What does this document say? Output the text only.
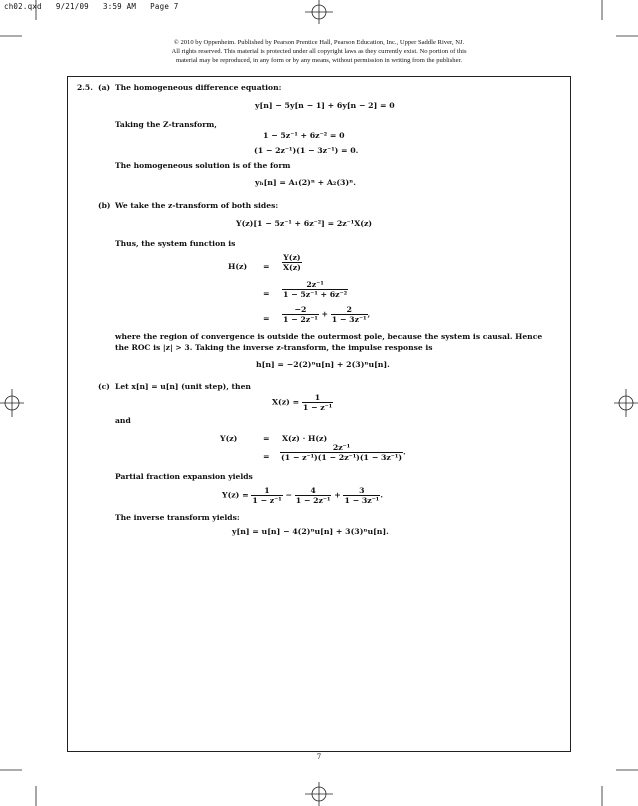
ch02.qxd   9/21/09   3:59 AM   Page 7
© 2010 by Oppenheim. Published by Pearson Prentice Hall, Pearson Education, Inc., Upper Saddle River, NJ.
All rights reserved. This material is protected under all copyright laws as they currently exist. No portion of this
material may be reproduced, in any form or by any means, without permission in writing from the publisher.
2.5. (a) The homogeneous difference equation:
y[n] − 5y[n − 1] + 6y[n − 2] = 0
Taking the Z-transform,
1 − 5z⁻¹ + 6z⁻² = 0
(1 − 2z⁻¹)(1 − 3z⁻¹) = 0.
The homogeneous solution is of the form
yₕ[n] = A₁(2)ⁿ + A₂(3)ⁿ.
(b) We take the z-transform of both sides:
Y(z)[1 − 5z⁻¹ + 6z⁻²] = 2z⁻¹X(z)
Thus, the system function is
$H(z) = \frac{Y(z)}{X(z)}$
= $\frac{\text{2z⁻¹}}{\text{1 − 5z⁻¹ + 6z⁻²}}$
= $\frac{-2}{\text{1 − 2z⁻¹}} + \frac{2}{\text{1 − 3z⁻¹}}$ ,
where the region of convergence is outside the outermost pole, because the system is causal. Hence
the ROC is |z| > 3. Taking the inverse z-transform, the impulse response is
h[n] = −2(2)ⁿu[n] + 2(3)ⁿu[n].
(c) Let x[n] = u[n] (unit step), then
$X(z) = \frac{1}{\text{1 − z⁻¹}}$
and
Y(z)	= X(z) · H(z)
= $\frac{\text{2z⁻¹}}{\text{(1 − z⁻¹)(1 − 2z⁻¹)(1 − 3z⁻¹)}}$ .
Partial fraction expansion yields
$Y(z) = \frac{1}{\text{1 − z⁻¹}} - \frac{4}{\text{1 − 2z⁻¹}} + \frac{3}{\text{1 − 3z⁻¹}}$ .
The inverse transform yields:
y[n] = u[n] − 4(2)ⁿu[n] + 3(3)ⁿu[n].
7
